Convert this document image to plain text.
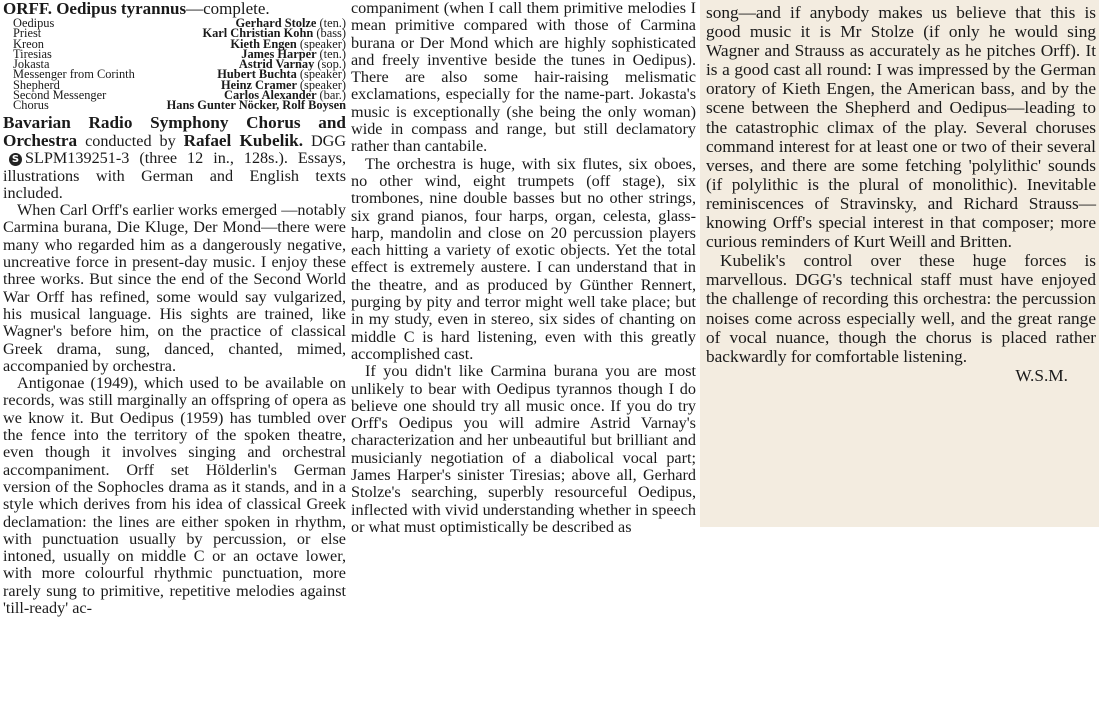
ORFF. Oedipus tyrannus—complete.
Oedipus	Gerhard Stolze (ten.)
Priest	Karl Christian Kohn (bass)
Kreon	Kieth Engen (speaker)
Tiresias	James Harper (ten.)
Jokasta	Astrid Varnay (sop.)
Messenger from Corinth	Hubert Buchta (speaker)
Shepherd	Heinz Cramer (speaker)
Second Messenger	Carlos Alexander (bar.)
Chorus	Hans Gunter Nöcker, Rolf Boysen

Bavarian Radio Symphony Chorus and Orchestra conducted by Rafael Kubelik. DGGS SLPM139251-3 (three 12 in., 128s.). Essays, illustrations with German and English texts included.

When Carl Orff's earlier works emerged —notably Carmina burana, Die Kluge, Der Mond—there were many who regarded him as a dangerously negative, uncreative force in present-day music. I enjoy these three works. But since the end of the Second World War Orff has refined, some would say vulgarized, his musical language. His sights are trained, like Wagner's before him, on the practice of classical Greek drama, sung, danced, chanted, mimed, accompanied by orchestra.

Antigonae (1949), which used to be available on records, was still marginally an offspring of opera as we know it. But Oedipus (1959) has tumbled over the fence into the territory of the spoken theatre, even though it involves singing and orchestral accompaniment. Orff set Hölderlin's German version of the Sophocles drama as it stands, and in a style which derives from his idea of classical Greek declamation: the lines are either spoken in rhythm, with punctuation usually by percussion, or else intoned, usually on middle C or an octave lower, with more colourful rhythmic punctuation, more rarely sung to primitive, repetitive melodies against 'till-ready' ac-

companiment (when I call them primitive melodies I mean primitive compared with those of Carmina burana or Der Mond which are highly sophisticated and freely inventive beside the tunes in Oedipus). There are also some hair-raising melismatic exclamations, especially for the name-part. Jokasta's music is exceptionally (she being the only woman) wide in compass and range, but still declamatory rather than cantabile.

The orchestra is huge, with six flutes, six oboes, no other wind, eight trumpets (off stage), six trombones, nine double basses but no other strings, six grand pianos, four harps, organ, celesta, glass-harp, mandolin and close on 20 percussion players each hitting a variety of exotic objects. Yet the total effect is extremely austere. I can understand that in the theatre, and as produced by Günther Rennert, purging by pity and terror might well take place; but in my study, even in stereo, six sides of chanting on middle C is hard listening, even with this greatly accomplished cast.

If you didn't like Carmina burana you are most unlikely to bear with Oedipus tyrannos though I do believe one should try all music once. If you do try Orff's Oedipus you will admire Astrid Varnay's characterization and her unbeautiful but brilliant and musicianly negotiation of a diabolical vocal part; James Harper's sinister Tiresias; above all, Gerhard Stolze's searching, superbly resourceful Oedipus, inflected with vivid understanding whether in speech or what must optimistically be described as

song—and if anybody makes us believe that this is good music it is Mr Stolze (if only he would sing Wagner and Strauss as accurately as he pitches Orff). It is a good cast all round: I was impressed by the German oratory of Kieth Engen, the American bass, and by the scene between the Shepherd and Oedipus—leading to the catastrophic climax of the play. Several choruses command interest for at least one or two of their several verses, and there are some fetching 'polylithic' sounds (if polylithic is the plural of monolithic). Inevitable reminiscences of Stravinsky, and Richard Strauss—knowing Orff's special interest in that composer; more curious reminders of Kurt Weill and Britten.

Kubelik's control over these huge forces is marvellous. DGG's technical staff must have enjoyed the challenge of recording this orchestra: the percussion noises come across especially well, and the great range of vocal nuance, though the chorus is placed rather backwardly for comfortable listening.

W.S.M.
